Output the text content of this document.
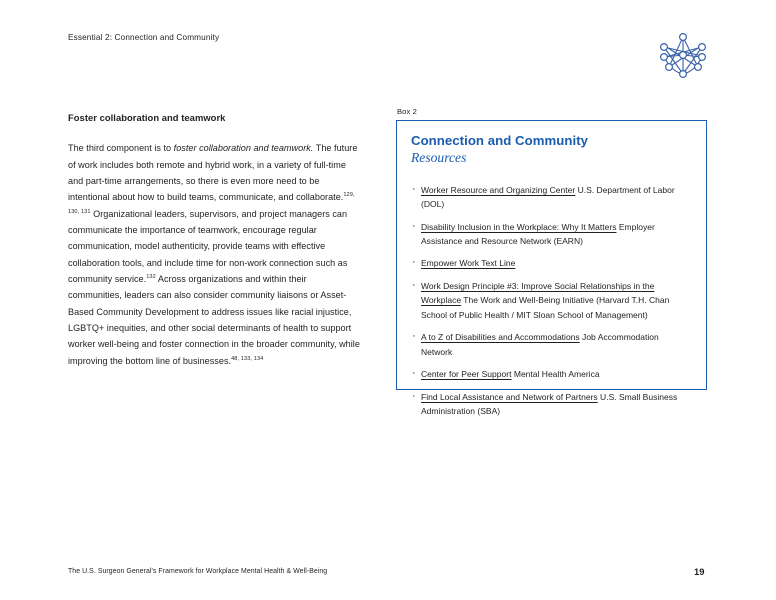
Essential 2: Connection and Community
Foster collaboration and teamwork

The third component is to foster collaboration and teamwork. The future of work includes both remote and hybrid work, in a variety of full-time and part-time arrangements, so there is even more need to be intentional about how to build teams, communicate, and collaborate.$^{129, 130, 131}$ Organizational leaders, supervisors, and project managers can communicate the importance of teamwork, encourage regular communication, model authenticity, provide teams with effective collaboration tools, and include time for non-work connection such as community service.$^{132}$ Across organizations and within their communities, leaders can also consider community liaisons or Asset-Based Community Development to address issues like racial injustice, LGBTQ+ inequities, and other social determinants of health to support worker well-being and foster connection in the broader community, while improving the bottom line of businesses.$^{48, 133, 134}$

Box 2
Connection and Community
Resources
· Worker Resource and Organizing Center U.S. Department of Labor (DOL)
· Disability Inclusion in the Workplace: Why It Matters Employer Assistance and Resource Network (EARN)
· Empower Work Text Line
· Work Design Principle #3: Improve Social Relationships in the Workplace The Work and Well-Being Initiative (Harvard T.H. Chan School of Public Health / MIT Sloan School of Management)
· A to Z of Disabilities and Accommodations Job Accommodation Network
· Center for Peer Support Mental Health America
· Find Local Assistance and Network of Partners U.S. Small Business Administration (SBA)
The U.S. Surgeon General's Framework for Workplace Mental Health & Well-Being	19
